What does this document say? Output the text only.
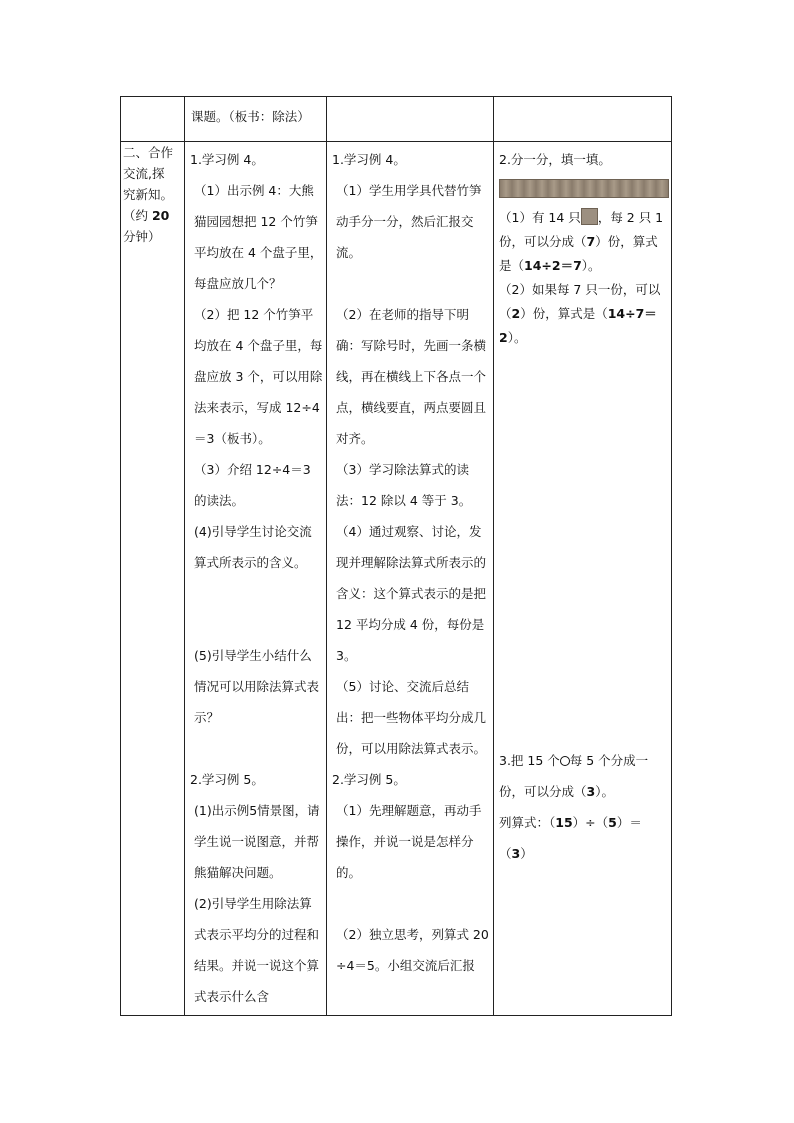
课题。（板书：除法）

二、合作

交流,探

究新知。

（约 20

分钟）

1.学习例 4。

（1）出示例 4：大熊猫园园想把 12 个竹笋平均放在 4 个盘子里，每盘应放几个？

（2）把 12 个竹笋平均放在 4 个盘子里，每盘应放 3 个，可以用除法来表示，写成 12÷4＝3（板书）。

（3）介绍 12÷4＝3 的读法。

(4)引导学生讨论交流算式所表示的含义。

(5)引导学生小结什么情况可以用除法算式表示？

2.学习例 5。

(1)出示例5情景图，请学生说一说图意，并帮熊猫解决问题。

(2)引导学生用除法算式表示平均分的过程和结果。并说一说这个算式表示什么含

1.学习例 4。

（1）学生用学具代替竹笋动手分一分，然后汇报交流。

（2）在老师的指导下明确：写除号时，先画一条横线，再在横线上下各点一个点，横线要直，两点要圆且对齐。

（3）学习除法算式的读法：12 除以 4 等于 3。

（4）通过观察、讨论，发现并理解除法算式所表示的含义：这个算式表示的是把 12 平均分成 4 份，每份是 3。

（5）讨论、交流后总结出：把一些物体平均分成几份，可以用除法算式表示。

2.学习例 5。

（1）先理解题意，再动手操作，并说一说是怎样分的。

（2）独立思考，列算式 20÷4＝5。小组交流后汇报

2.分一分，填一填。

（1）有 14 只 ，每 2 只 1 份，可以分成（7）份，算式是（14÷2＝7）。

（2）如果每 7 只一份，可以（2）份，算式是（14÷7＝2）。

3.把 15 个 每 5 个分成一份，可以分成（3）。

列算式：（15）÷（5）＝（3）
